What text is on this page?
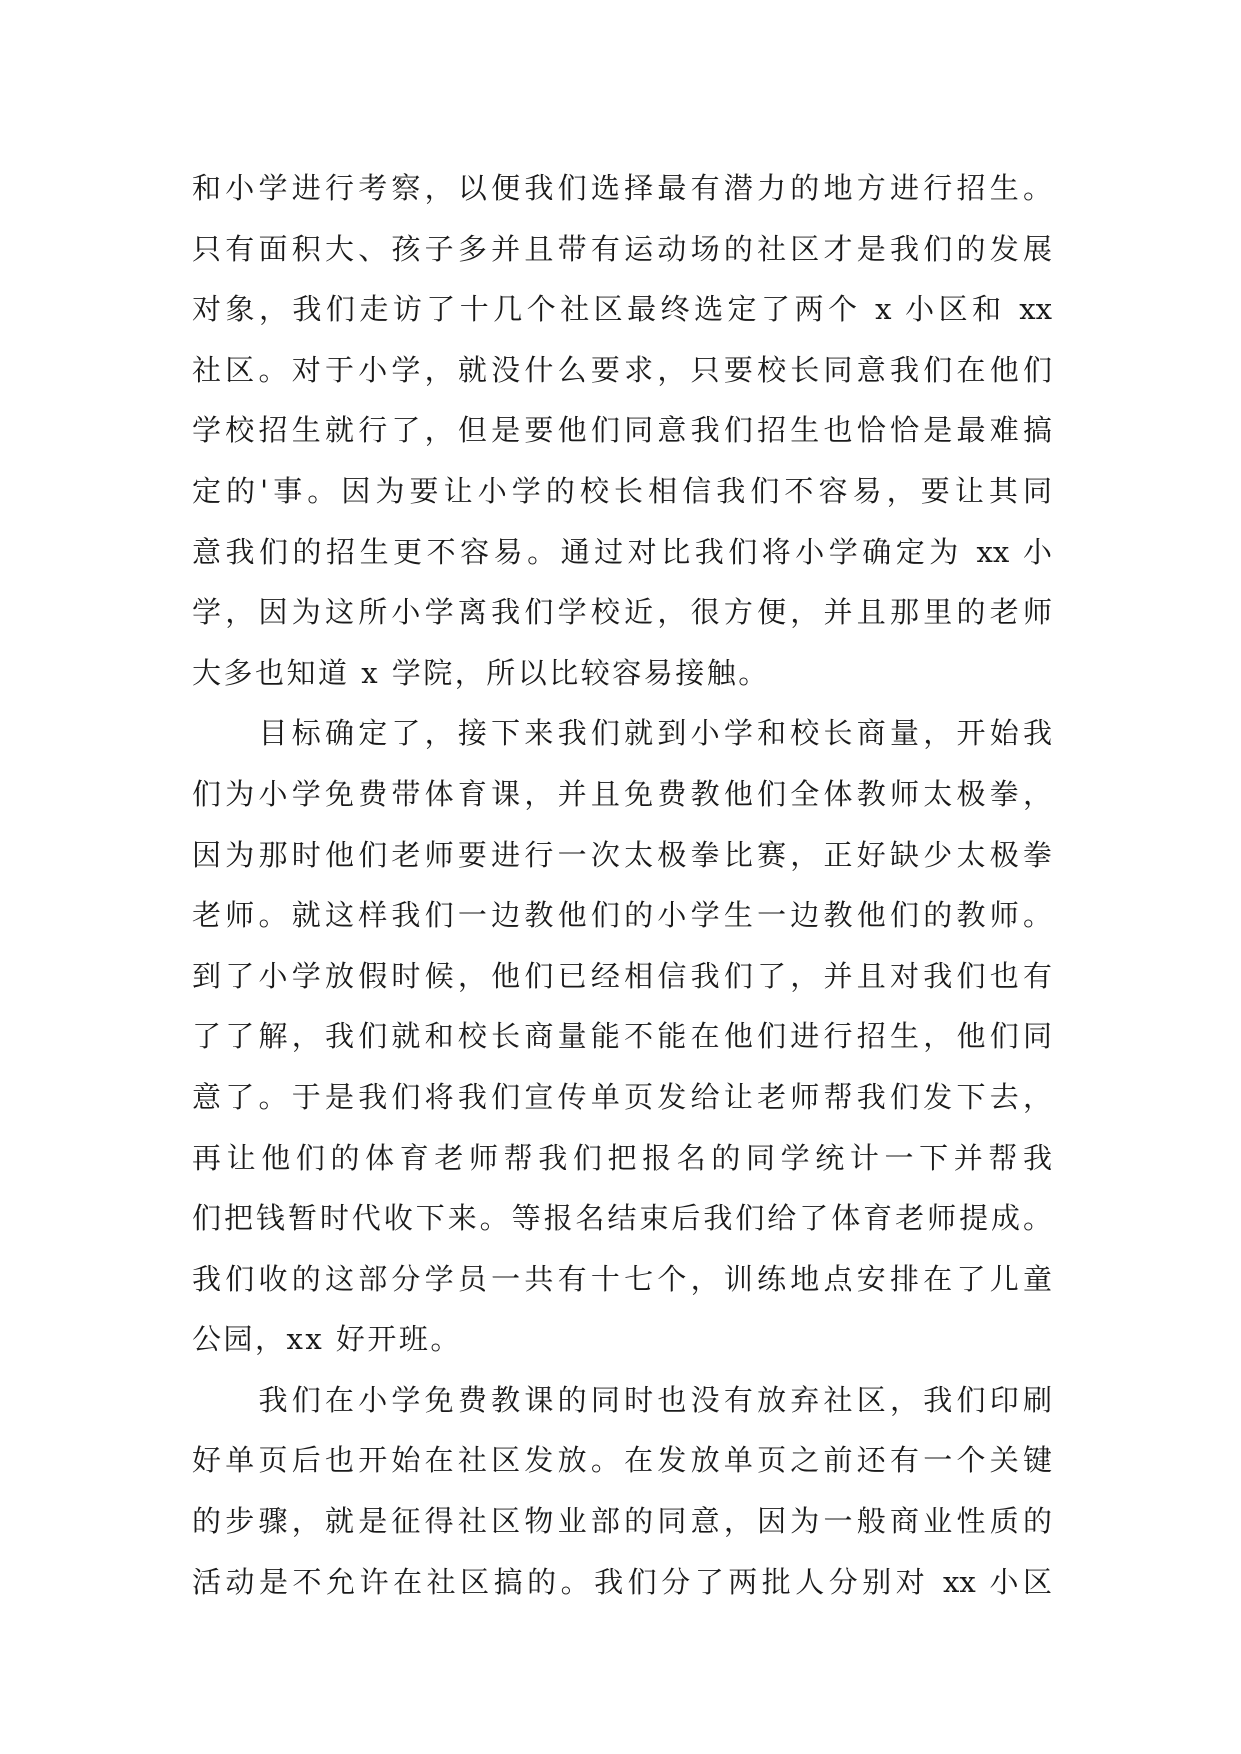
和小学进行考察，以便我们选择最有潜力的地方进行招生。

只有面积大、孩子多并且带有运动场的社区才是我们的发展

对象，我们走访了十几个社区最终选定了两个 x 小区和 xx

社区。对于小学，就没什么要求，只要校长同意我们在他们

学校招生就行了，但是要他们同意我们招生也恰恰是最难搞

定的'事。因为要让小学的校长相信我们不容易，要让其同

意我们的招生更不容易。通过对比我们将小学确定为 xx 小

学，因为这所小学离我们学校近，很方便，并且那里的老师

大多也知道 x 学院，所以比较容易接触。

　　目标确定了，接下来我们就到小学和校长商量，开始我

们为小学免费带体育课，并且免费教他们全体教师太极拳，

因为那时他们老师要进行一次太极拳比赛，正好缺少太极拳

老师。就这样我们一边教他们的小学生一边教他们的教师。

到了小学放假时候，他们已经相信我们了，并且对我们也有

了了解，我们就和校长商量能不能在他们进行招生，他们同

意了。于是我们将我们宣传单页发给让老师帮我们发下去，

再让他们的体育老师帮我们把报名的同学统计一下并帮我

们把钱暂时代收下来。等报名结束后我们给了体育老师提成。

我们收的这部分学员一共有十七个，训练地点安排在了儿童

公园，xx 好开班。

　　我们在小学免费教课的同时也没有放弃社区，我们印刷

好单页后也开始在社区发放。在发放单页之前还有一个关键

的步骤，就是征得社区物业部的同意，因为一般商业性质的

活动是不允许在社区搞的。我们分了两批人分别对 xx 小区
